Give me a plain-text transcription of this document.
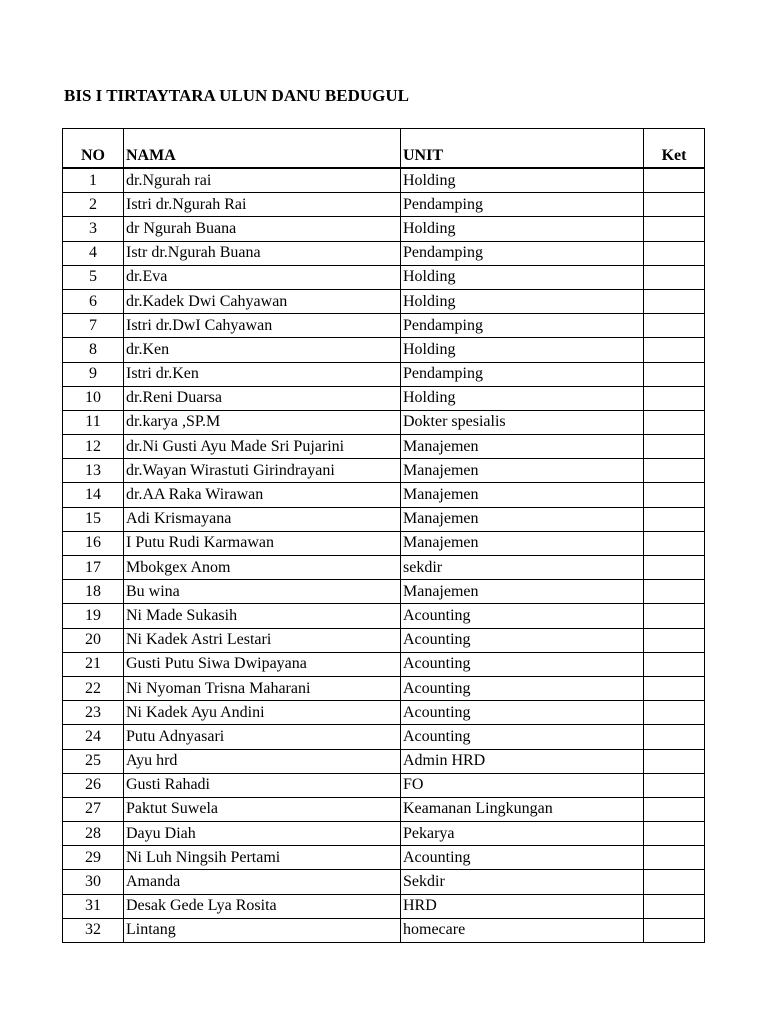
BIS I TIRTAYTARA ULUN DANU BEDUGUL
NO	NAMA	UNIT	Ket
1	dr.Ngurah rai	Holding	
2	Istri dr.Ngurah Rai	Pendamping	
3	dr Ngurah Buana	Holding	
4	Istr dr.Ngurah Buana	Pendamping	
5	dr.Eva	Holding	
6	dr.Kadek Dwi Cahyawan	Holding	
7	Istri dr.DwI Cahyawan	Pendamping	
8	dr.Ken	Holding	
9	Istri dr.Ken	Pendamping	
10	dr.Reni Duarsa	Holding	
11	dr.karya ,SP.M	Dokter spesialis	
12	dr.Ni Gusti Ayu Made Sri Pujarini	Manajemen	
13	dr.Wayan Wirastuti Girindrayani	Manajemen	
14	dr.AA Raka Wirawan	Manajemen	
15	Adi Krismayana	Manajemen	
16	I Putu Rudi Karmawan	Manajemen	
17	Mbokgex Anom	sekdir	
18	Bu wina	Manajemen	
19	Ni Made Sukasih	Acounting	
20	Ni Kadek Astri Lestari	Acounting	
21	Gusti Putu Siwa Dwipayana	Acounting	
22	Ni Nyoman Trisna Maharani	Acounting	
23	Ni Kadek Ayu Andini	Acounting	
24	Putu Adnyasari	Acounting	
25	Ayu hrd	Admin HRD	
26	Gusti Rahadi	FO	
27	Paktut Suwela	Keamanan Lingkungan	
28	Dayu Diah	Pekarya	
29	Ni Luh Ningsih Pertami	Acounting	
30	Amanda	Sekdir	
31	Desak Gede Lya Rosita	HRD	
32	Lintang	homecare	
